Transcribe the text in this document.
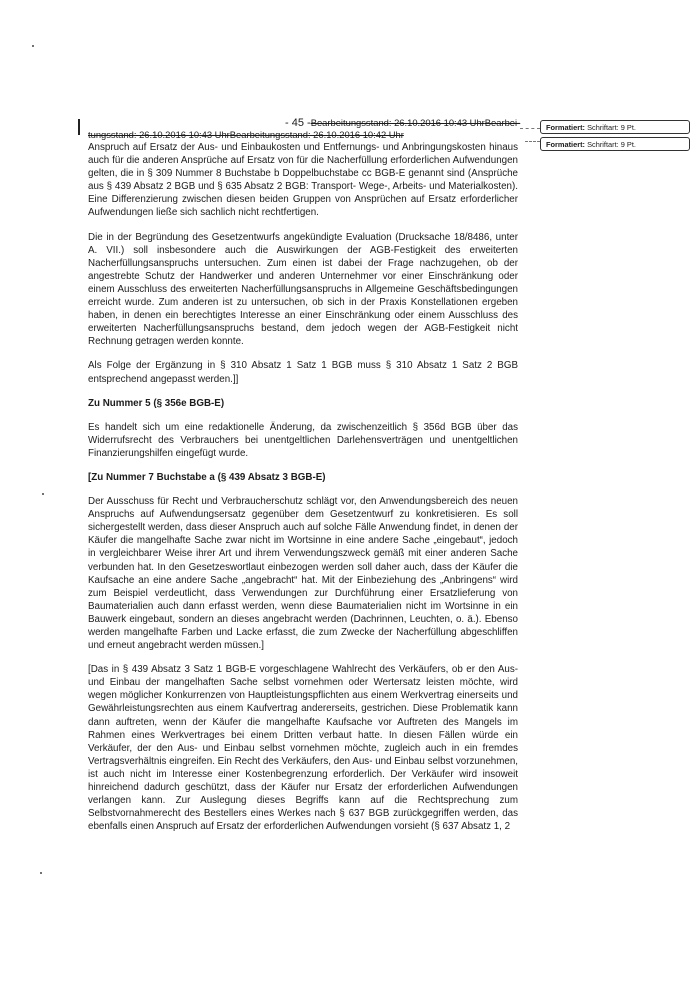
- 45 -Bearbeitungsstand: 26.10.2016 10:43 UhrBearbei-
tungsstand: 26.10.2016 10:43 UhrBearbeitungsstand: 26.10.2016 10:42 Uhr
Formatiert: Schriftart: 9 Pt.
Formatiert: Schriftart: 9 Pt.

Anspruch auf Ersatz der Aus- und Einbaukosten und Entfernungs- und Anbringungskosten hinaus auch für die anderen Ansprüche auf Ersatz von für die Nacherfüllung erforderlichen Aufwendungen gelten, die in § 309 Nummer 8 Buchstabe b Doppelbuchstabe cc BGB-E genannt sind (Ansprüche aus § 439 Absatz 2 BGB und § 635 Absatz 2 BGB: Transport- Wege-, Arbeits- und Materialkosten). Eine Differenzierung zwischen diesen beiden Gruppen von Ansprüchen auf Ersatz erforderlicher Aufwendungen ließe sich sachlich nicht rechtfertigen.

Die in der Begründung des Gesetzentwurfs angekündigte Evaluation (Drucksache 18/8486, unter A. VII.) soll insbesondere auch die Auswirkungen der AGB-Festigkeit des erweiterten Nacherfüllungsanspruchs untersuchen. Zum einen ist dabei der Frage nachzugehen, ob der angestrebte Schutz der Handwerker und anderen Unternehmer vor einer Einschränkung oder einem Ausschluss des erweiterten Nacherfüllungsanspruchs in Allgemeine Geschäftsbedingungen erreicht wurde. Zum anderen ist zu untersuchen, ob sich in der Praxis Konstellationen ergeben haben, in denen ein berechtigtes Interesse an einer Einschränkung oder einem Ausschluss des erweiterten Nacherfüllungsanspruchs bestand, dem jedoch wegen der AGB-Festigkeit nicht Rechnung getragen werden konnte.

Als Folge der Ergänzung in § 310 Absatz 1 Satz 1 BGB muss § 310 Absatz 1 Satz 2 BGB entsprechend angepasst werden.]]

Zu Nummer 5 (§ 356e BGB-E)

Es handelt sich um eine redaktionelle Änderung, da zwischenzeitlich § 356d BGB über das Widerrufsrecht des Verbrauchers bei unentgeltlichen Darlehensverträgen und unentgeltlichen Finanzierungshilfen eingefügt wurde.

[Zu Nummer 7 Buchstabe a (§ 439 Absatz 3 BGB-E)

Der Ausschuss für Recht und Verbraucherschutz schlägt vor, den Anwendungsbereich des neuen Anspruchs auf Aufwendungsersatz gegenüber dem Gesetzentwurf zu konkretisieren. Es soll sichergestellt werden, dass dieser Anspruch auch auf solche Fälle Anwendung findet, in denen der Käufer die mangelhafte Sache zwar nicht im Wortsinne in eine andere Sache „eingebaut“, jedoch in vergleichbarer Weise ihrer Art und ihrem Verwendungszweck gemäß mit einer anderen Sache verbunden hat. In den Gesetzeswortlaut einbezogen werden soll daher auch, dass der Käufer die Kaufsache an eine andere Sache „angebracht“ hat. Mit der Einbeziehung des „Anbringens“ wird zum Beispiel verdeutlicht, dass Verwendungen zur Durchführung einer Ersatzlieferung von Baumaterialien auch dann erfasst werden, wenn diese Baumaterialien nicht im Wortsinne in ein Bauwerk eingebaut, sondern an dieses angebracht werden (Dachrinnen, Leuchten, o. ä.). Ebenso werden mangelhafte Farben und Lacke erfasst, die zum Zwecke der Nacherfüllung abgeschliffen und erneut angebracht werden müssen.]

[Das in § 439 Absatz 3 Satz 1 BGB-E vorgeschlagene Wahlrecht des Verkäufers, ob er den Aus- und Einbau der mangelhaften Sache selbst vornehmen oder Wertersatz leisten möchte, wird wegen möglicher Konkurrenzen von Hauptleistungspflichten aus einem Werkvertrag einerseits und Gewährleistungsrechten aus einem Kaufvertrag andererseits, gestrichen. Diese Problematik kann dann auftreten, wenn der Käufer die mangelhafte Kaufsache vor Auftreten des Mangels im Rahmen eines Werkvertrages bei einem Dritten verbaut hatte. In diesen Fällen würde ein Verkäufer, der den Aus- und Einbau selbst vornehmen möchte, zugleich auch in ein fremdes Vertragsverhältnis eingreifen. Ein Recht des Verkäufers, den Aus- und Einbau selbst vorzunehmen, ist auch nicht im Interesse einer Kostenbegrenzung erforderlich. Der Verkäufer wird insoweit hinreichend dadurch geschützt, dass der Käufer nur Ersatz der erforderlichen Aufwendungen verlangen kann. Zur Auslegung dieses Begriffs kann auf die Rechtsprechung zum Selbstvornahmerecht des Bestellers eines Werkes nach § 637 BGB zurückgegriffen werden, das ebenfalls einen Anspruch auf Ersatz der erforderlichen Aufwendungen vorsieht (§ 637 Absatz 1, 2
